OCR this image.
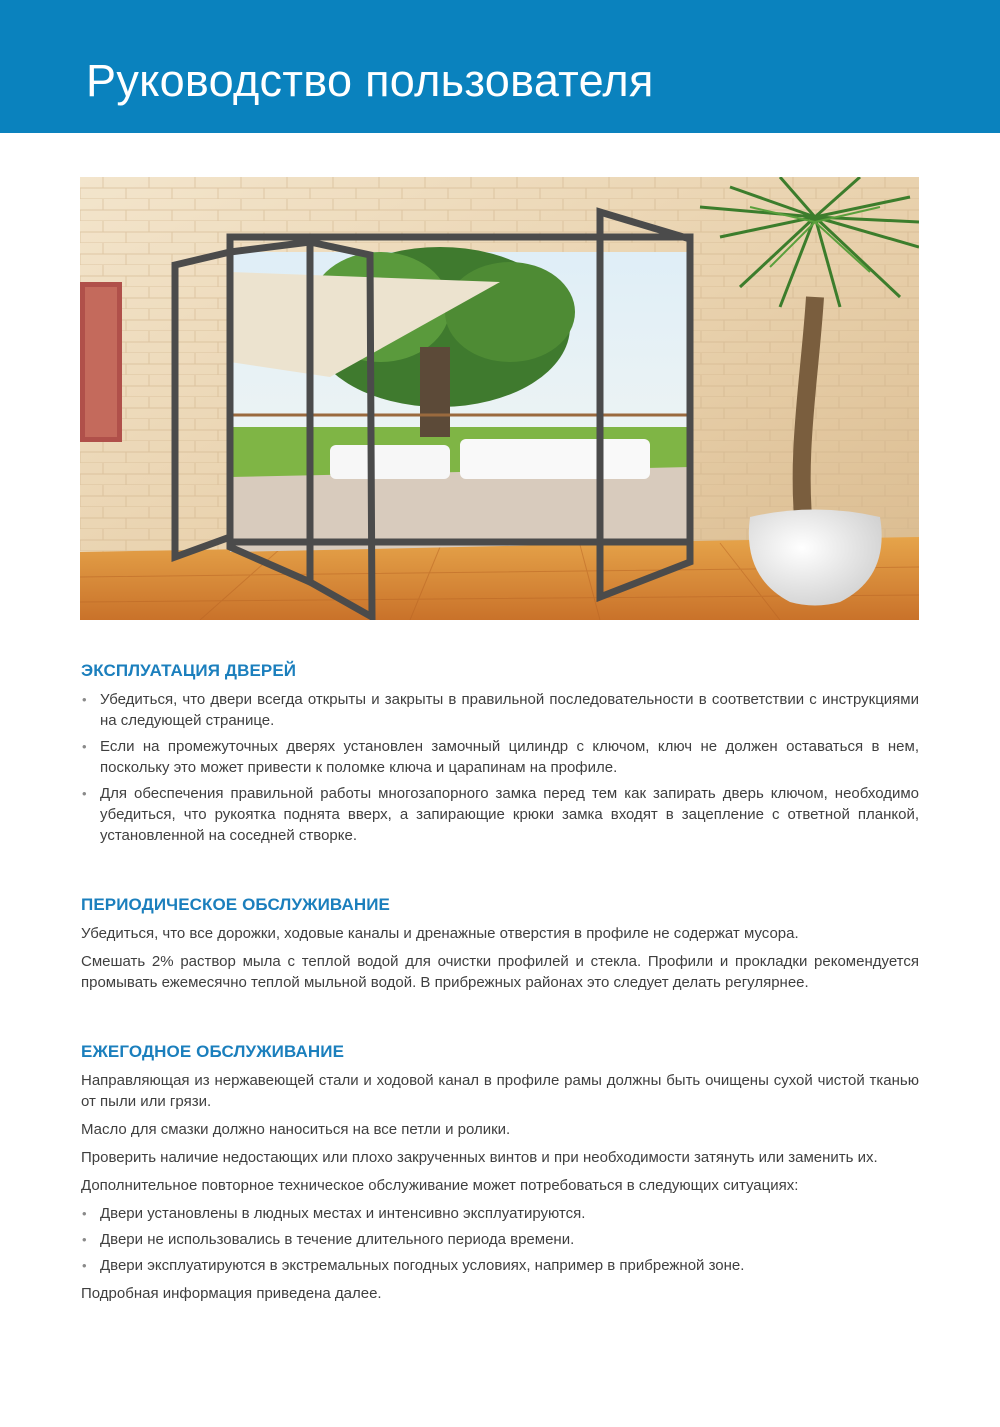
Руководство пользователя
ЭКСПЛУАТАЦИЯ ДВЕРЕЙ
• Убедиться, что двери всегда открыты и закрыты в правильной последовательности в соответствии с инструкциями на следующей странице.
• Если на промежуточных дверях установлен замочный цилиндр с ключом, ключ не должен оставаться в нем, поскольку это может привести к поломке ключа и царапинам на профиле.
• Для обеспечения правильной работы многозапорного замка перед тем как запирать дверь ключом, необходимо убедиться, что рукоятка поднята вверх, а запирающие крюки замка входят в зацепление с ответной планкой, установленной на соседней створке.
ПЕРИОДИЧЕСКОЕ ОБСЛУЖИВАНИЕ

Убедиться, что все дорожки, ходовые каналы и дренажные отверстия в профиле не содержат мусора.

Смешать 2% раствор мыла с теплой водой для очистки профилей и стекла. Профили и прокладки рекомендуется промывать ежемесячно теплой мыльной водой. В прибрежных районах это следует делать регулярнее.

ЕЖЕГОДНОЕ ОБСЛУЖИВАНИЕ

Направляющая из нержавеющей стали и ходовой канал в профиле рамы должны быть очищены сухой чистой тканью от пыли или грязи.

Масло для смазки должно наноситься на все петли и ролики.

Проверить наличие недостающих или плохо закрученных винтов и при необходимости затянуть или заменить их.

Дополнительное повторное техническое обслуживание может потребоваться в следующих ситуациях:

• Двери установлены в людных местах и интенсивно эксплуатируются.
• Двери не использовались в течение длительного периода времени.
• Двери эксплуатируются в экстремальных погодных условиях, например в прибрежной зоне.

Подробная информация приведена далее.
